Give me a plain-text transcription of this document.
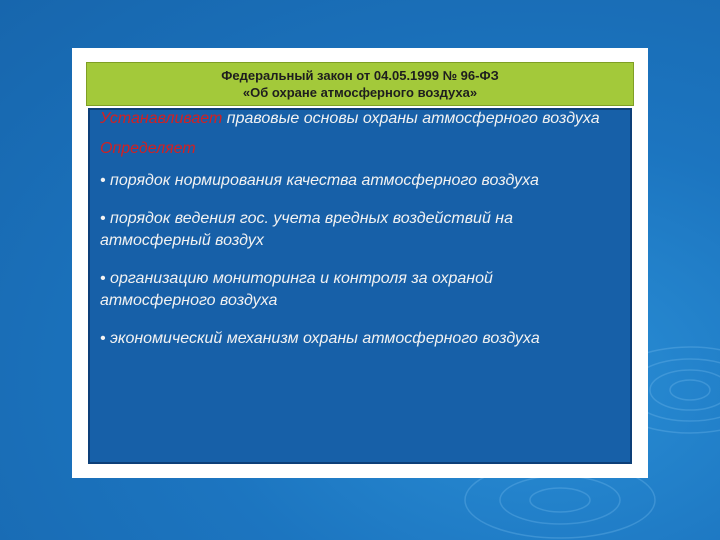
Федеральный закон от 04.05.1999 № 96-ФЗ
«Об охране атмосферного воздуха»

Устанавливает правовые основы охраны атмосферного воздуха

Определяет

• порядок нормирования качества атмосферного воздуха

• порядок ведения гос. учета вредных воздействий на атмосферный воздух

• организацию мониторинга и контроля за охраной атмосферного воздуха

• экономический механизм охраны атмосферного воздуха
